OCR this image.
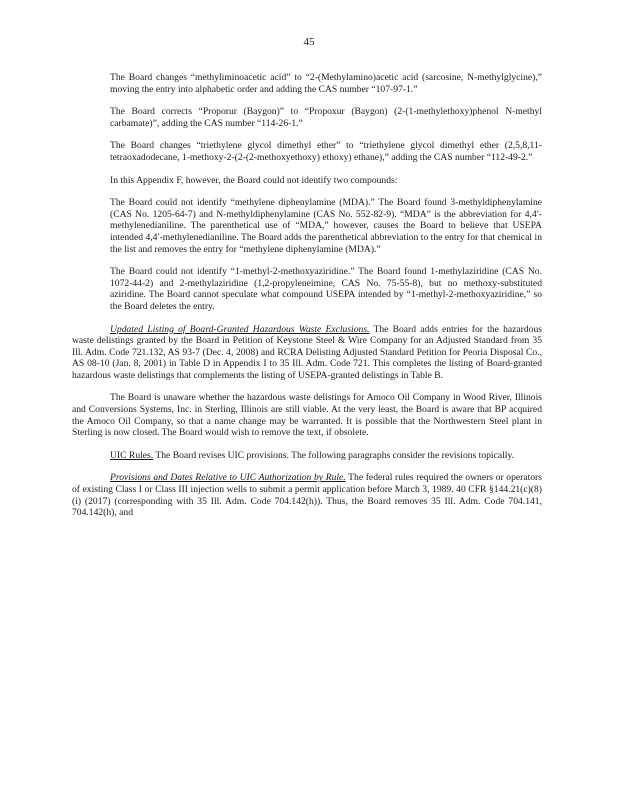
45

The Board changes “methyliminoacetic acid” to “2-(Methylamino)acetic acid (sarcosine, N-methylglycine),” moving the entry into alphabetic order and adding the CAS number “107-97-1.”

The Board corrects “Proporur (Baygon)” to “Propoxur (Baygon) (2-(1-methylethoxy)phenol N-methyl carbamate)”, adding the CAS number “114-26-1.”

The Board changes “triethylene glycol dimethyl ether” to “triethylene glycol dimethyl ether (2,5,8,11-tetraoxadodecane, 1-methoxy-2-(2-(2-methoxyethoxy) ethoxy) ethane),” adding the CAS number “112-49-2.”

In this Appendix F, however, the Board could not identify two compounds:

The Board could not identify “methylene diphenylamine (MDA).” The Board found 3-methyldiphenylamine (CAS No. 1205-64-7) and N-methyldiphenylamine (CAS No. 552-82-9). “MDA” is the abbreviation for 4,4′-methylenedianiline. The parenthetical use of “MDA,” however, causes the Board to believe that USEPA intended 4,4′-methylenedianiline. The Board adds the parenthetical abbreviation to the entry for that chemical in the list and removes the entry for “methylene diphenylamine (MDA).”

The Board could not identify “1-methyl-2-methoxyaziridine.” The Board found 1-methylaziridine (CAS No. 1072-44-2) and 2-methylaziridine (1,2-propyleneimine, CAS No. 75-55-8), but no methoxy-substituted aziridine. The Board cannot speculate what compound USEPA intended by “1-methyl-2-methoxyaziridine,” so the Board deletes the entry.

Updated Listing of Board-Granted Hazardous Waste Exclusions. The Board adds entries for the hazardous waste delistings granted by the Board in Petition of Keystone Steel & Wire Company for an Adjusted Standard from 35 Ill. Adm. Code 721.132, AS 93-7 (Dec. 4, 2008) and RCRA Delisting Adjusted Standard Petition for Peoria Disposal Co., AS 08-10 (Jan. 8, 2001) in Table D in Appendix I to 35 Ill. Adm. Code 721. This completes the listing of Board-granted hazardous waste delistings that complements the listing of USEPA-granted delistings in Table B.

The Board is unaware whether the hazardous waste delistings for Amoco Oil Company in Wood River, Illinois and Conversions Systems, Inc. in Sterling, Illinois are still viable. At the very least, the Board is aware that BP acquired the Amoco Oil Company, so that a name change may be warranted. It is possible that the Northwestern Steel plant in Sterling is now closed. The Board would wish to remove the text, if obsolete.

UIC Rules. The Board revises UIC provisions. The following paragraphs consider the revisions topically.

Provisions and Dates Relative to UIC Authorization by Rule. The federal rules required the owners or operators of existing Class I or Class III injection wells to submit a permit application before March 3, 1989. 40 CFR §144.21(c)(8)(i) (2017) (corresponding with 35 Ill. Adm. Code 704.142(h)). Thus, the Board removes 35 Ill. Adm. Code 704.141, 704.142(h), and
